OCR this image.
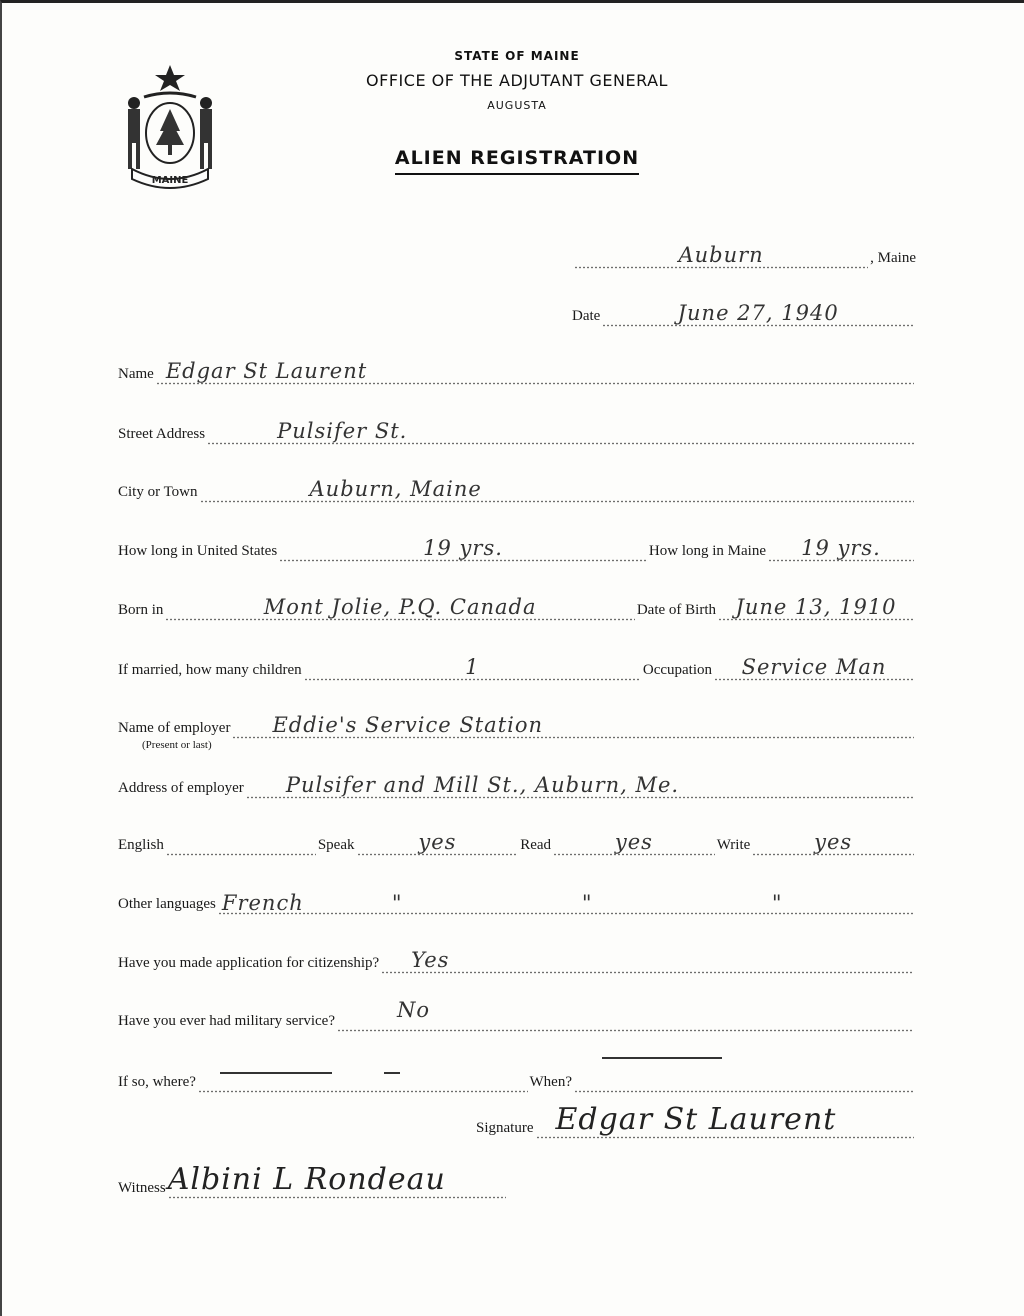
MAINE
STATE OF MAINE
OFFICE OF THE ADJUTANT GENERAL
AUGUSTA
ALIEN REGISTRATION
Auburn	, Maine
Date	June 27, 1940
Name Edgar St Laurent
Street Address	Pulsifer St.
City or Town	Auburn, Maine
How long in United States	19 yrs.	How long in Maine	19 yrs.
Born in	Mont Jolie, P.Q. Canada	Date of Birth June 13, 1910
If married, how many children	1	Occupation	Service Man
Name of employer	Eddie's Service Station
(Present or last)
Address of employer	Pulsifer and Mill St., Auburn, Me.
English	Speak	yes	Read	yes	Write	yes
Other languages French	"	"	"
Have you made application for citizenship?	Yes
Have you ever had military service?	No
If so, where?	When?
Signature Edgar St Laurent
Witness Albini L Rondeau
